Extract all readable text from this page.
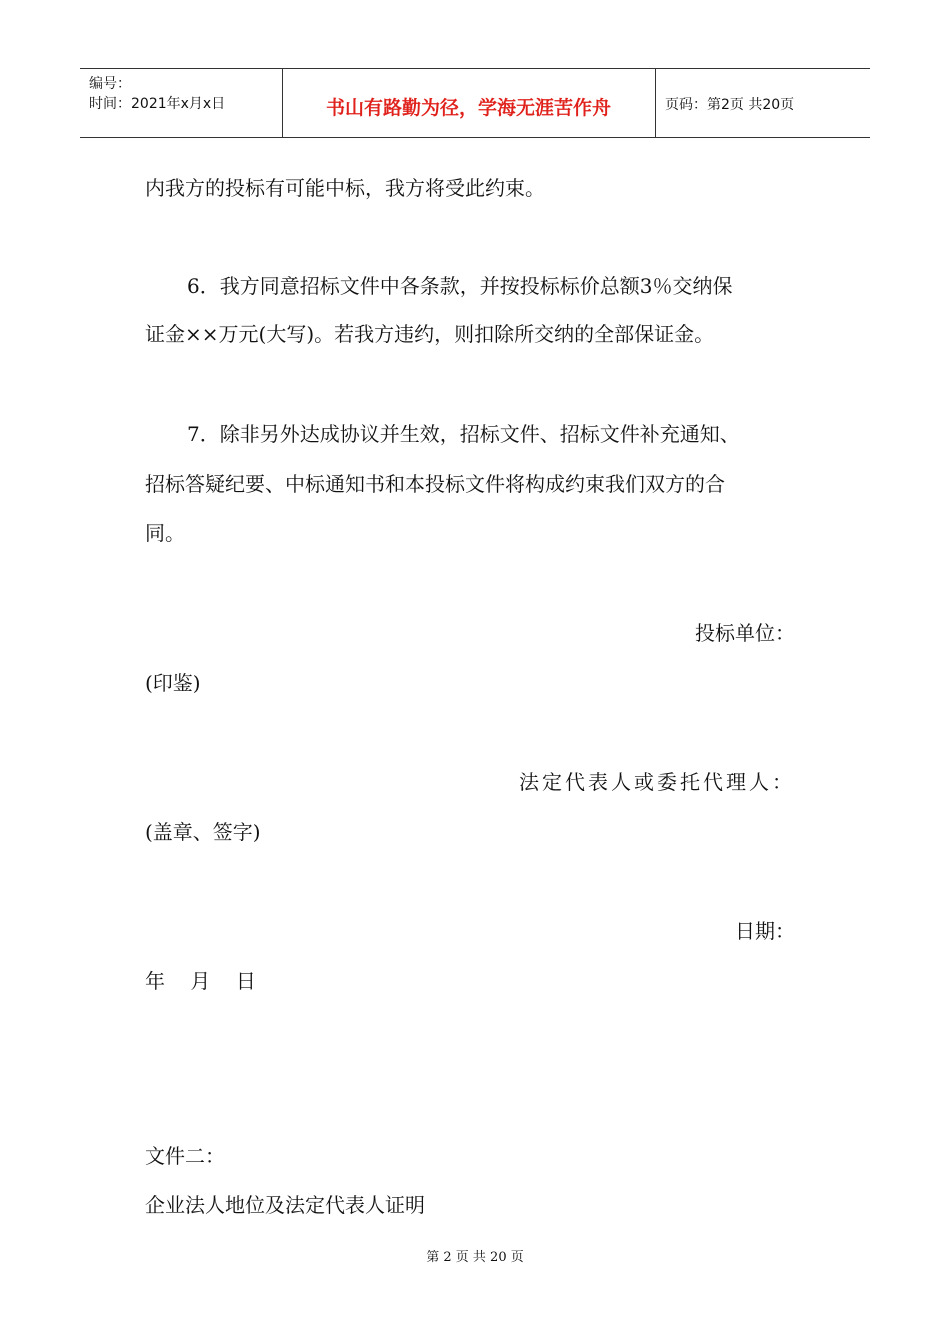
编号：
时间：2021年x月x日	书山有路勤为径，学海无涯苦作舟	页码：第2页 共20页
内我方的投标有可能中标，我方将受此约束。
6．我方同意招标文件中各条款，并按投标标价总额3％交纳保
证金××万元(大写)。若我方违约，则扣除所交纳的全部保证金。
7．除非另外达成协议并生效，招标文件、招标文件补充通知、
招标答疑纪要、中标通知书和本投标文件将构成约束我们双方的合
同。
投标单位：
(印鉴)
法定代表人或委托代理人：
(盖章、签字)
日期：
年    月    日
文件二：
企业法人地位及法定代表人证明
第 2 页 共 20 页
